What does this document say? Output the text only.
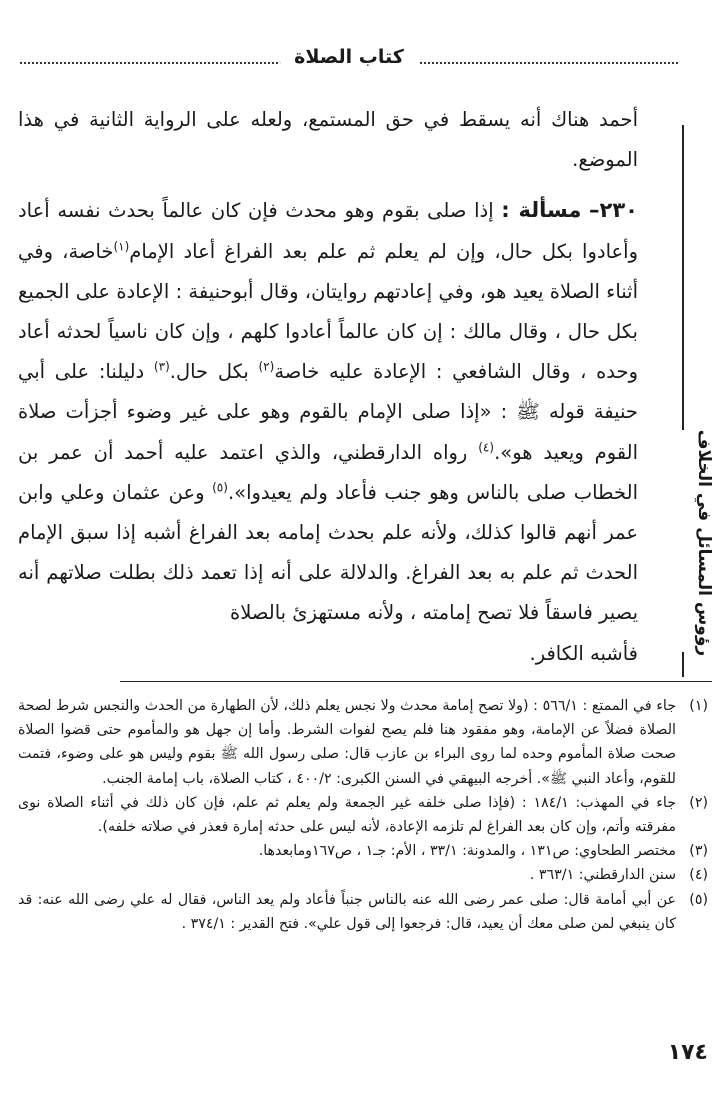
كتاب الصلاة

أحمد هناك أنه يسقط في حق المستمع، ولعله على الرواية الثانية في هذا الموضع.

٢٣٠– مسألة : إذا صلى بقوم وهو محدث فإن كان عالماً بحدث نفسه أعاد وأعادوا بكل حال، وإن لم يعلم ثم علم بعد الفراغ أعاد الإمام$^{(١)}$خاصة، وفي أثناء الصلاة يعيد هو، وفي إعادتهم روايتان، وقال أبوحنيفة : الإعادة على الجميع بكل حال ، وقال مالك : إن كان عالماً أعادوا كلهم ، وإن كان ناسياً لحدثه أعاد وحده ، وقال الشافعي : الإعادة عليه خاصة$^{(٢)}$ بكل حال.$^{(٣)}$ دليلنا: على أبي حنيفة قوله ﷺ : «إذا صلى الإمام بالقوم وهو على غير وضوء أجزأت صلاة القوم ويعيد هو».$^{(٤)}$ رواه الدارقطني، والذي اعتمد عليه أحمد أن عمر بن الخطاب صلى بالناس وهو جنب فأعاد ولم يعيدوا».$^{(٥)}$ وعن عثمان وعلي وابن عمر أنهم قالوا كذلك، ولأنه علم بحدث إمامه بعد الفراغ أشبه إذا سبق الإمام الحدث ثم علم به بعد الفراغ. والدلالة على أنه إذا تعمد ذلك بطلت صلاتهم أنه يصير فاسقاً فلا تصح إمامته ، ولأنه مستهزئ بالصلاة

فأشبه الكافر.

(١)
جاء في الممتع : ٥٦٦/١ : (ولا تصح إمامة محدث ولا نجس يعلم ذلك، لأن الطهارة من الحدث والنجس شرط لصحة الصلاة فضلاً عن الإمامة، وهو مفقود هنا فلم يصح لفوات الشرط. وأما إن جهل هو والمأموم حتى قضوا الصلاة صحت صلاة المأموم وحده لما روى البراء بن عازب قال: صلى رسول الله ﷺ بقوم وليس هو على وضوء، فتمت للقوم، وأعاد النبي ﷺ». أخرجه البيهقي في السنن الكبرى: ٤٠٠/٢ ، كتاب الصلاة، باب إمامة الجنب.

(٢)
جاء في المهذب: ١٨٤/١ : (فإذا صلى خلفه غير الجمعة ولم يعلم ثم علم، فإن كان ذلك في أثناء الصلاة نوى مفرقته وأتم، وإن كان بعد الفراغ لم تلزمه الإعادة، لأنه ليس على حدثه إمارة فعذر في صلاته خلفه).

(٣)
مختصر الطحاوي: ص١٣١ ، والمدونة: ٣٣/١ ، الأم: جـ١ ، ص١٦٧ومابعدها.

(٤)
سنن الدارقطني: ٣٦٣/١ .

(٥)
عن أبي أمامة قال: صلى عمر رضى الله عنه بالناس جنباً فأعاد ولم يعد الناس، فقال له علي رضى الله عنه: قد كان ينبغي لمن صلى معك أن يعيد، قال: فرجعوا إلى قول علي». فتح القدير : ٣٧٤/١ .

رؤوس المسائل في الخلاف
١٧٤
